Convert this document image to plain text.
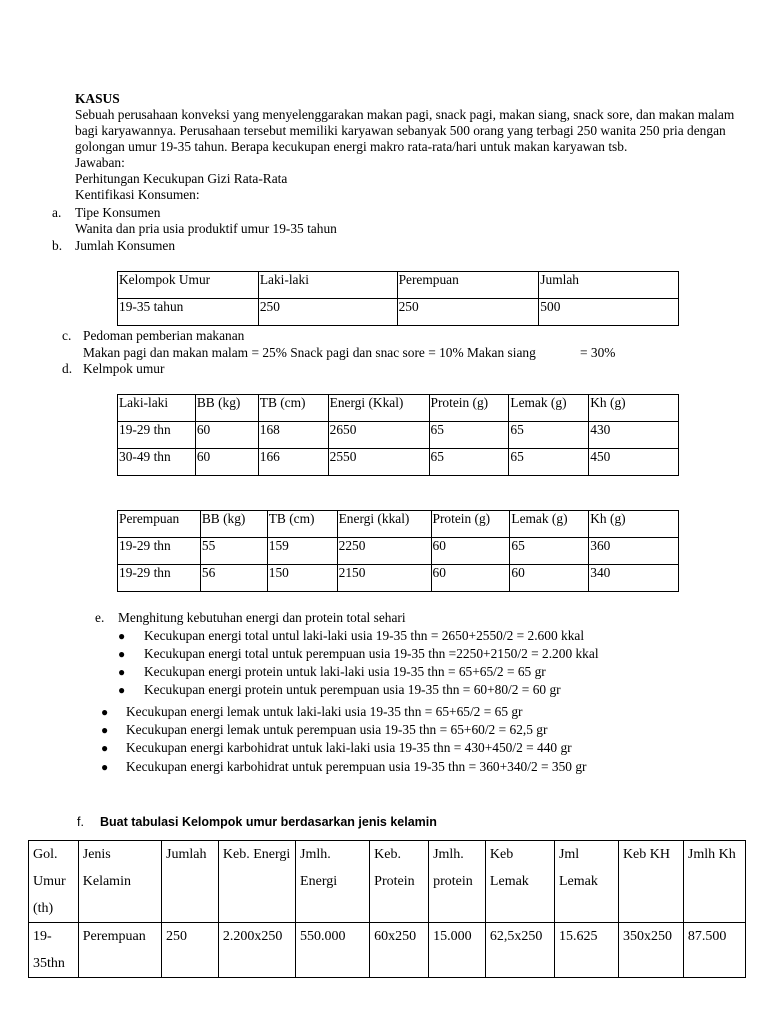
KASUS
Sebuah perusahaan konveksi yang menyelenggarakan makan pagi, snack pagi, makan siang, snack sore, dan makan malam
bagi karyawannya. Perusahaan tersebut memiliki karyawan sebanyak 500 orang yang terbagi 250 wanita 250 pria dengan
golongan umur 19-35 tahun. Berapa kecukupan energi makro rata-rata/hari untuk makan karyawan tsb.
Jawaban:
Perhitungan Kecukupan Gizi Rata-Rata
Kentifikasi Konsumen:
a. Tipe Konsumen
Wanita dan pria usia produktif umur 19-35 tahun
b. Jumlah Konsumen
Kelompok Umur	Laki-laki	Perempuan	Jumlah
19-35 tahun	250	250	500
c. Pedoman pemberian makanan
Makan pagi dan makan malam = 25% Snack pagi dan snac sore = 10% Makan siang	= 30%
d. Kelmpok umur
Laki-laki	BB (kg)	TB (cm)	Energi (Kkal)	Protein (g)	Lemak (g)	Kh (g)
19-29 thn	60	168	2650	65	65	430
30-49 thn	60	166	2550	65	65	450
Perempuan	BB (kg)	TB (cm)	Energi (kkal)	Protein (g)	Lemak (g)	Kh (g)
19-29 thn	55	159	2250	60	65	360
19-29 thn	56	150	2150	60	60	340
e. Menghitung kebutuhan energi dan protein total sehari
● Kecukupan energi total untul laki-laki usia 19-35 thn = 2650+2550/2 = 2.600 kkal
● Kecukupan energi total untuk perempuan usia 19-35 thn =2250+2150/2 = 2.200 kkal
● Kecukupan energi protein untuk laki-laki usia 19-35 thn = 65+65/2 = 65 gr
● Kecukupan energi protein untuk perempuan usia 19-35 thn = 60+80/2 = 60 gr
● Kecukupan energi lemak untuk laki-laki usia 19-35 thn = 65+65/2 = 65 gr
● Kecukupan energi lemak untuk perempuan usia 19-35 thn = 65+60/2 = 62,5 gr
● Kecukupan energi karbohidrat untuk laki-laki usia 19-35 thn = 430+450/2 = 440 gr
● Kecukupan energi karbohidrat untuk perempuan usia 19-35 thn = 360+340/2 = 350 gr
f. Buat tabulasi Kelompok umur berdasarkan jenis kelamin
Gol. Umur (th)	Jenis Kelamin	Jumlah	Keb. Energi	Jmlh. Energi	Keb. Protein	Jmlh. protein	Keb Lemak	Jml Lemak	Keb KH	Jmlh Kh
19-35thn	Perempuan	250	2.200x250	550.000	60x250	15.000	62,5x250	15.625	350x250	87.500
